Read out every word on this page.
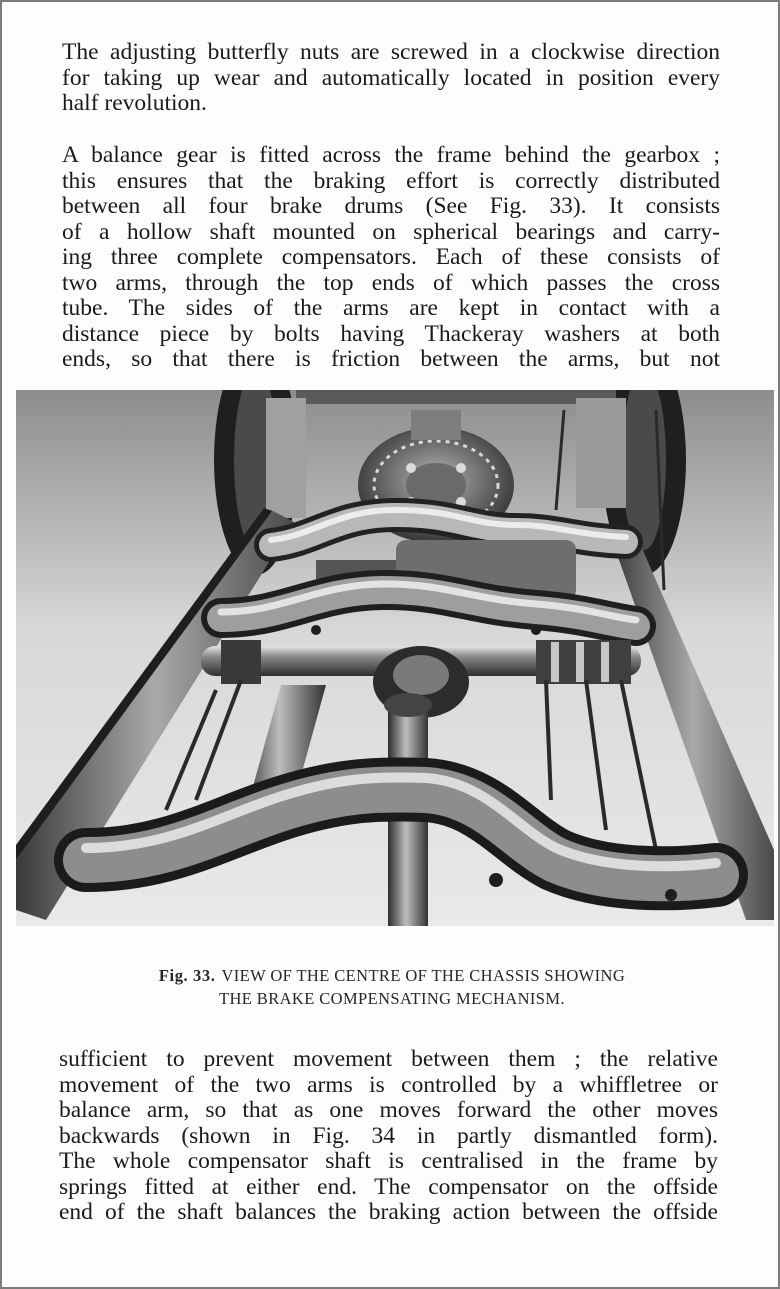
The adjusting butterfly nuts are screwed in a clockwise direction
for taking up wear and automatically located in position every
half revolution.

A balance gear is fitted across the frame behind the gearbox ;
this ensures that the braking effort is correctly distributed
between all four brake drums (See Fig. 33). It consists
of a hollow shaft mounted on spherical bearings and carry-
ing three complete compensators. Each of these consists of
two arms, through the top ends of which passes the cross
tube. The sides of the arms are kept in contact with a
distance piece by bolts having Thackeray washers at both
ends, so that there is friction between the arms, but not

Fig. 33. VIEW OF THE CENTRE OF THE CHASSIS SHOWING
THE BRAKE COMPENSATING MECHANISM.

sufficient to prevent movement between them ; the relative
movement of the two arms is controlled by a whiffletree or
balance arm, so that as one moves forward the other moves
backwards (shown in Fig. 34 in partly dismantled form).
The whole compensator shaft is centralised in the frame by
springs fitted at either end. The compensator on the offside
end of the shaft balances the braking action between the offside
